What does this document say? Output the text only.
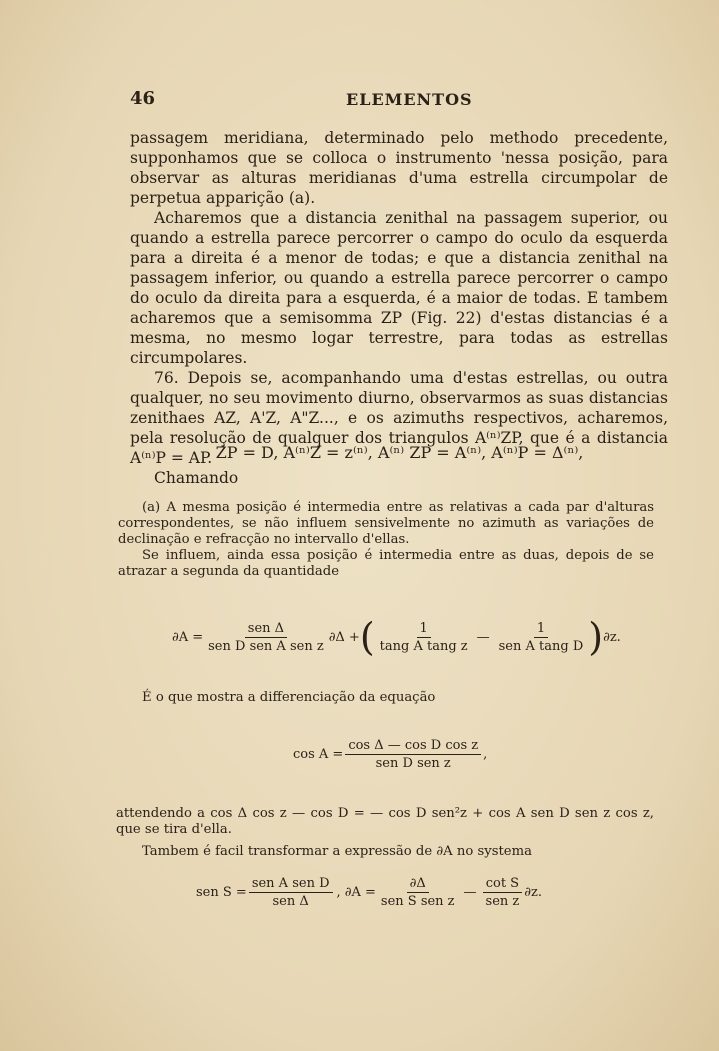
46	ELEMENTOS

passagem meridiana, determinado pelo methodo precedente, supponhamos que se colloca o instrumento 'nessa posição, para observar as alturas meridianas d'uma estrella circumpolar de perpetua apparição (a).

Acharemos que a distancia zenithal na passagem superior, ou quando a estrella parece percorrer o campo do oculo da esquerda para a direita é a menor de todas; e que a distancia zenithal na passagem inferior, ou quando a estrella parece percorrer o campo do oculo da direita para a esquerda, é a maior de todas. E tambem acharemos que a semisomma ZP (Fig. 22) d'estas distancias é a mesma, no mesmo logar terrestre, para todas as estrellas circumpolares.

76. Depois se, acompanhando uma d'estas estrellas, ou outra qualquer, no seu movimento diurno, observarmos as suas distancias zenithaes AZ, A'Z, A"Z..., e os azimuths respectivos, acharemos, pela resolução de qualquer dos triangulos A⁽ⁿ⁾ZP, que é a distancia A⁽ⁿ⁾P = AP.

Chamando

ZP = D, A⁽ⁿ⁾Z = z⁽ⁿ⁾, A⁽ⁿ⁾ ZP = A⁽ⁿ⁾, A⁽ⁿ⁾P = Δ⁽ⁿ⁾,

(a) A mesma posição é intermedia entre as relativas a cada par d'alturas correspondentes, se não influem sensivelmente no azimuth as variações de declinação e refracção no intervallo d'ellas.

Se influem, ainda essa posição é intermedia entre as duas, depois de se atrazar a segunda da quantidade

$\partial A = \frac{\text{sen Δ}}{\text{sen D sen A sen z}} \partial\Delta$ + ( $\frac{1}{\text{tang A tang z}}$ — $\frac{1}{\text{sen A tang D}}$ ) ∂z.
É o que mostra a differenciação da equação
$\cos A = \frac{\text{cos Δ — cos D cos z}}{\text{sen D sen z}}$ ,
attendendo a cos Δ cos z — cos D = — cos D sen²z + cos A sen D sen z cos z, que se tira d'ella.
Tambem é facil transformar a expressão de ∂A no systema
sen $S = \frac{\text{sen A sen D}}{\text{sen Δ}}$ , $\partial A = \frac{\partial\Delta}{\text{sen S sen z}}$ — $\frac{\text{cot S}}{\text{sen z}} \partial z$.
